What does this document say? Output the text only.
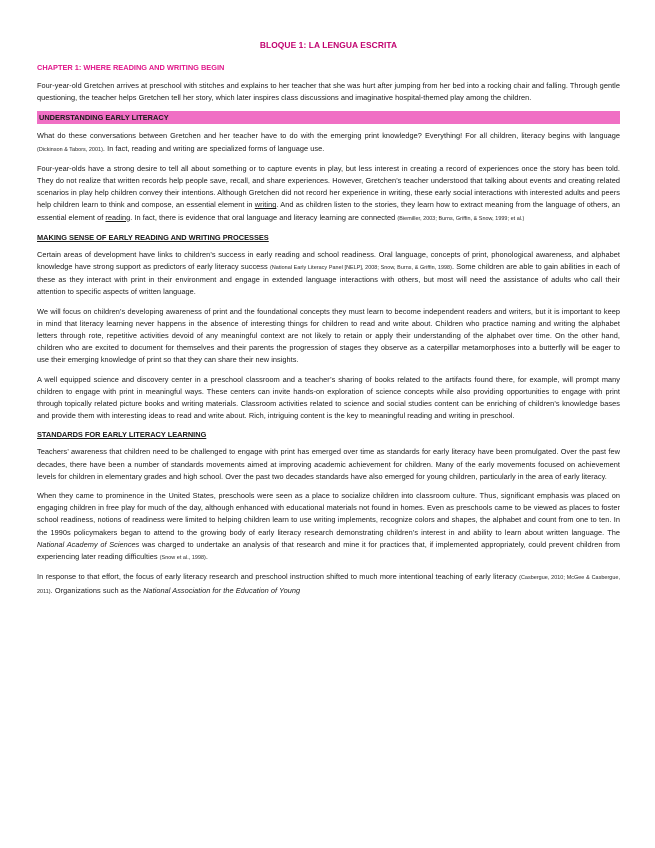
BLOQUE 1: LA LENGUA ESCRITA
CHAPTER 1: WHERE READING AND WRITING BEGIN

Four-year-old Gretchen arrives at preschool with stitches and explains to her teacher that she was hurt after jumping from her bed into a rocking chair and falling. Through gentle questioning, the teacher helps Gretchen tell her story, which later inspires class discussions and imaginative hospital-themed play among the children.

UNDERSTANDING EARLY LITERACY

What do these conversations between Gretchen and her teacher have to do with the emerging print knowledge? Everything! For all children, literacy begins with language (Dickinson & Tabors, 2001). In fact, reading and writing are specialized forms of language use.

Four-year-olds have a strong desire to tell all about something or to capture events in play, but less interest in creating a record of experiences once the story has been told. They do not realize that written records help people save, recall, and share experiences. However, Gretchen’s teacher understood that talking about events and creating related scenarios in play help children convey their intentions. Although Gretchen did not record her experience in writing, these early social interactions with interested adults and peers help children learn to think and compose, an essential element in writing. And as children listen to the stories, they learn how to extract meaning from the language of others, an essential element of reading. In fact, there is evidence that oral language and literacy learning are connected (Biemiller, 2003; Burns, Griffin, & Snow, 1999; et al.)

MAKING SENSE OF EARLY READING AND WRITING PROCESSES

Certain areas of development have links to children’s success in early reading and school readiness. Oral language, concepts of print, phonological awareness, and alphabet knowledge have strong support as predictors of early literacy success (National Early Literacy Panel [NELP], 2008; Snow, Burns, & Griffin, 1998). Some children are able to gain abilities in each of these as they interact with print in their environment and engage in extended language interactions with others, but most will need the assistance of adults who call their attention to specific aspects of written language.

We will focus on children’s developing awareness of print and the foundational concepts they must learn to become independent readers and writers, but it is important to keep in mind that literacy learning never happens in the absence of interesting things for children to read and write about. Children who practice naming and writing the alphabet letters through rote, repetitive activities devoid of any meaningful context are not likely to retain or apply their understanding of the alphabet over time. On the other hand, children who are excited to document for themselves and their parents the progression of stages they observe as a caterpillar metamorphoses into a butterfly will be eager to use their emerging knowledge of print so that they can share their new insights.

A well equipped science and discovery center in a preschool classroom and a teacher’s sharing of books related to the artifacts found there, for example, will prompt many children to engage with print in meaningful ways. These centers can invite hands-on exploration of science concepts while also providing opportunities to engage with print through topically related picture books and writing materials. Classroom activities related to science and social studies content can be enriching of children’s knowledge bases and provide them with interesting ideas to read and write about. Rich, intriguing content is the key to meaningful reading and writing in preschool.

STANDARDS FOR EARLY LITERACY LEARNING

Teachers’ awareness that children need to be challenged to engage with print has emerged over time as standards for early literacy have been promulgated. Over the past few decades, there have been a number of standards movements aimed at improving academic achievement for children. Many of the early movements focused on achievement levels for children in elementary grades and high school. Over the past two decades standards have also emerged for young children, particularly in the area of early literacy.

When they came to prominence in the United States, preschools were seen as a place to socialize children into classroom culture. Thus, significant emphasis was placed on engaging children in free play for much of the day, although enhanced with educational materials not found in homes. Even as preschools came to be viewed as places to foster school readiness, notions of readiness were limited to helping children learn to use writing implements, recognize colors and shapes, the alphabet and count from one to ten. In the 1990s policymakers began to attend to the growing body of early literacy research demonstrating children’s interest in and ability to learn about written language. The National Academy of Sciences was charged to undertake an analysis of that research and mine it for practices that, if implemented appropriately, could prevent children from experiencing later reading difficulties (Snow et al., 1998).

In response to that effort, the focus of early literacy research and preschool instruction shifted to much more intentional teaching of early literacy (Casbergue, 2010; McGee & Casbergue, 2011). Organizations such as the National Association for the Education of Young
